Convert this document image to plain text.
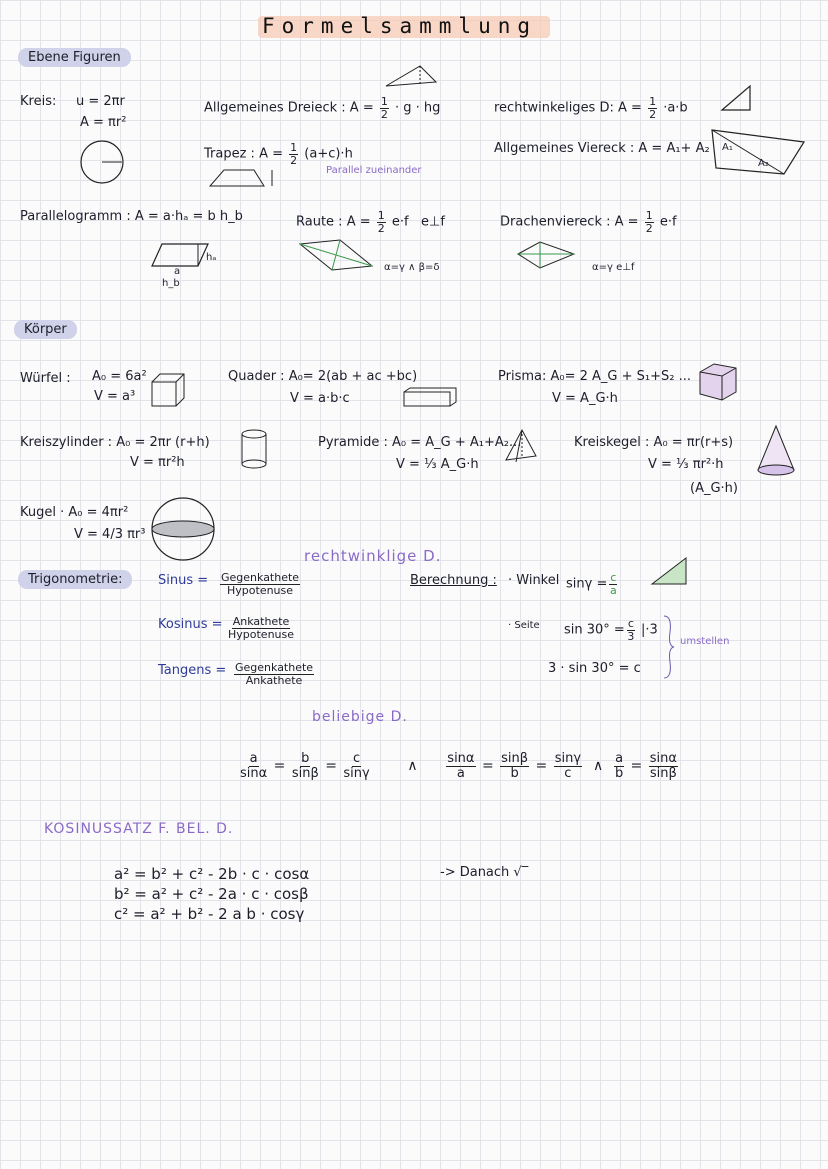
Formelsammlung
Ebene Figuren
Kreis: u = 2πr
A = πr²
Allgemeines Dreieck : $A = \frac{1}{2} \cdot g$ · hg	rechtwinkeliges D: $A = \frac{1}{2} \cdot a\cdot b$
Trapez : $A = \frac{1}{2} (a+c)\cdot h$
Parallel zueinander
Allgemeines Viereck : A = A₁+ A₂ A₁
A₂
Parallelogramm : A = a·hₐ = b h_b
a
hₐ
h_b
Raute : $A = \frac{1}{2} e\cdot f$ e⊥f
α=γ ∧ β=δ
Drachenviereck : $A = \frac{1}{2} e\cdot f$
α=γ e⊥f
Körper
Würfel : A₀ = 6a²
V = a³
Quader : A₀= 2(ab + ac +bc)
V = a·b·c
Prisma: A₀= 2 A_G + S₁+S₂ ...
V = A_G·h
Kreiszylinder : A₀ = 2πr (r+h)
V = πr²h
Pyramide : A₀ = A_G + A₁+A₂...
V = ⅓ A_G·h
Kreiskegel : A₀ = πr(r+s)
V = ⅓ πr²·h
(A_G·h)
Kugel · A₀ = 4πr²
V = 4/3 πr³
rechtwinklige D.
Trigonometrie:	Sinus = $\frac{\text{Gegenkathete}}{\text{Hypotenuse}}$
Kosinus = $\frac{\text{Ankathete}}{\text{Hypotenuse}}$
Tangens = $\frac{\text{Gegenkathete}}{\text{Ankathete}}$
Berechnung : · Winkel $\sin\gamma = \frac{c}{a}$
· Seite $\sin 30^\circ = \frac{c}{3} |\cdot 3$
3 · sin 30° = c
umstellen
beliebige D.
$\frac{a}{\sin\alpha} = \frac{b}{\sin\beta} = \frac{c}{\sin\gamma}$	∧ $\frac{\sin\alpha}{a} = \frac{\sin\beta}{b} = \frac{\sin\gamma}{c}$ ∧ $\frac{a}{b} = \frac{\sin\alpha}{\sin\beta}$
KOSINUSSATZ F. BEL. D.
a² = b² + c² - 2b · c · cosα
b² = a² + c² - 2a · c · cosβ
c² = a² + b² - 2 a b · cosγ
-> Danach √‾
